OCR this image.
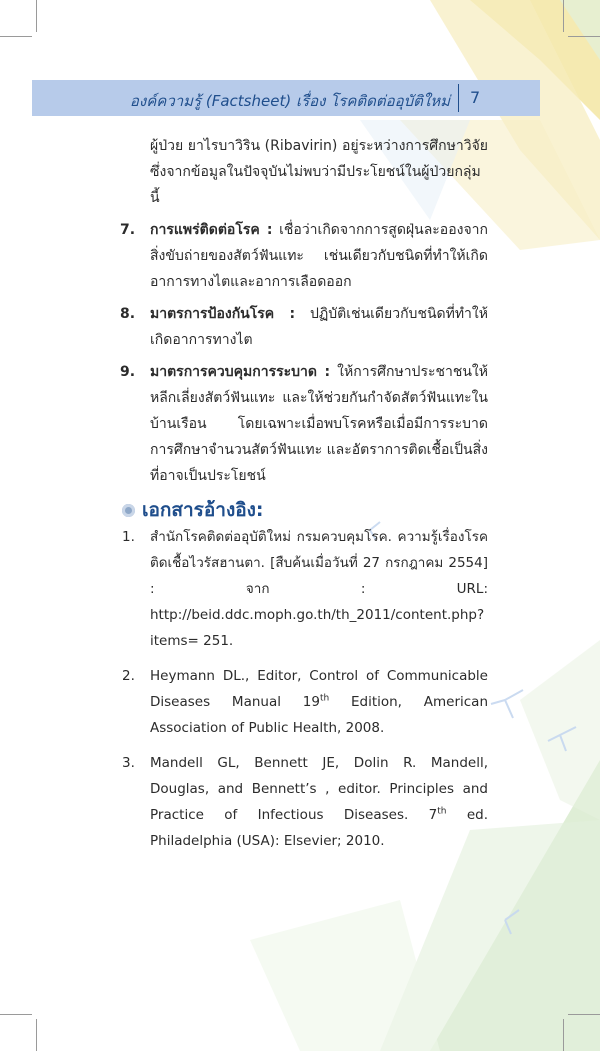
องค์ความรู้ (Factsheet) เรื่อง โรคติดต่ออุบัติใหม่ 7
ผู้ป่วย ยาไรบาวิริน (Ribavirin) อยู่ระหว่างการศึกษาวิจัย ซึ่งจากข้อมูลในปัจจุบันไม่พบว่ามีประโยชน์ในผู้ป่วยกลุ่มนี้
7. การแพร่ติดต่อโรค : เชื่อว่าเกิดจากการสูดฝุ่นละอองจากสิ่งขับถ่ายของสัตว์ฟันแทะ เช่นเดียวกับชนิดที่ทำให้เกิดอาการทางไตและอาการเลือดออก
8. มาตรการป้องกันโรค : ปฏิบัติเช่นเดียวกับชนิดที่ทำให้เกิดอาการทางไต
9. มาตรการควบคุมการระบาด : ให้การศึกษาประชาชนให้หลีกเลี่ยงสัตว์ฟันแทะ และให้ช่วยกันกำจัดสัตว์ฟันแทะในบ้านเรือน โดยเฉพาะเมื่อพบโรคหรือเมื่อมีการระบาด การศึกษาจำนวนสัตว์ฟันแทะ และอัตราการติดเชื้อเป็นสิ่งที่อาจเป็นประโยชน์
เอกสารอ้างอิง:
1. สำนักโรคติดต่ออุบัติใหม่ กรมควบคุมโรค. ความรู้เรื่องโรคติดเชื้อไวรัสฮานตา. [สืบค้นเมื่อวันที่ 27 กรกฎาคม 2554] : จาก : URL: http://beid.ddc.moph.go.th/th_2011/content.php?items= 251.
2. Heymann DL., Editor, Control of Communicable Diseases Manual 19th Edition, American Association of Public Health, 2008.
3. Mandell GL, Bennett JE, Dolin R. Mandell, Douglas, and Bennett’s , editor. Principles and Practice of Infectious Diseases. 7th ed. Philadelphia (USA): Elsevier; 2010.
